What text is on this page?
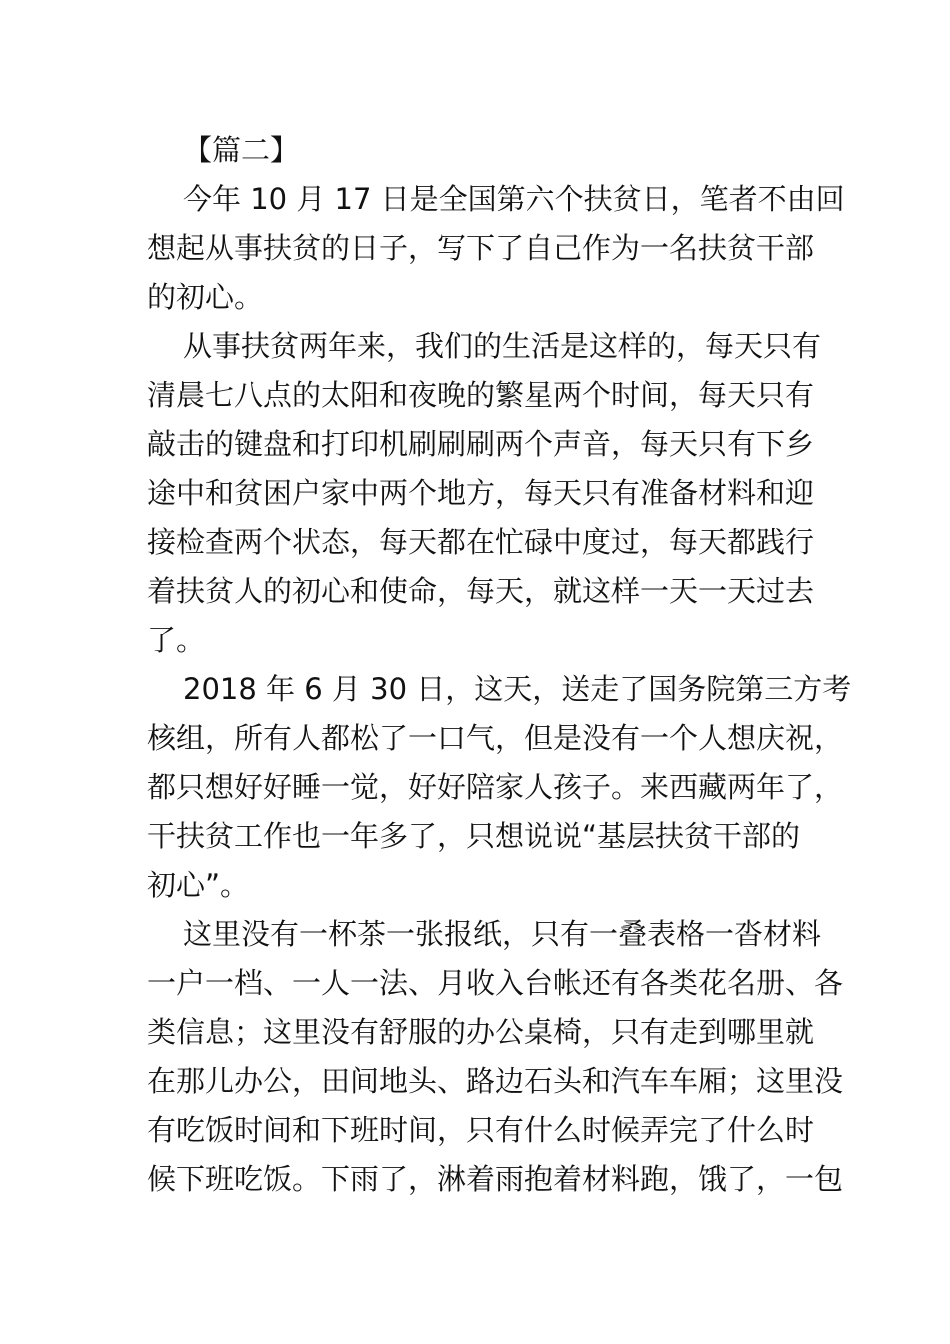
【篇二】
今年 10 月 17 日是全国第六个扶贫日，笔者不由回
想起从事扶贫的日子，写下了自己作为一名扶贫干部
的初心。
从事扶贫两年来，我们的生活是这样的，每天只有
清晨七八点的太阳和夜晚的繁星两个时间，每天只有
敲击的键盘和打印机刷刷刷两个声音，每天只有下乡
途中和贫困户家中两个地方，每天只有准备材料和迎
接检查两个状态，每天都在忙碌中度过，每天都践行
着扶贫人的初心和使命，每天，就这样一天一天过去
了。
2018 年 6 月 30 日，这天，送走了国务院第三方考
核组，所有人都松了一口气，但是没有一个人想庆祝，
都只想好好睡一觉，好好陪家人孩子。来西藏两年了，
干扶贫工作也一年多了，只想说说“基层扶贫干部的
初心”。
这里没有一杯茶一张报纸，只有一叠表格一沓材料
一户一档、一人一法、月收入台帐还有各类花名册、各
类信息；这里没有舒服的办公桌椅，只有走到哪里就
在那儿办公，田间地头、路边石头和汽车车厢；这里没
有吃饭时间和下班时间，只有什么时候弄完了什么时
候下班吃饭。下雨了，淋着雨抱着材料跑，饿了，一包
